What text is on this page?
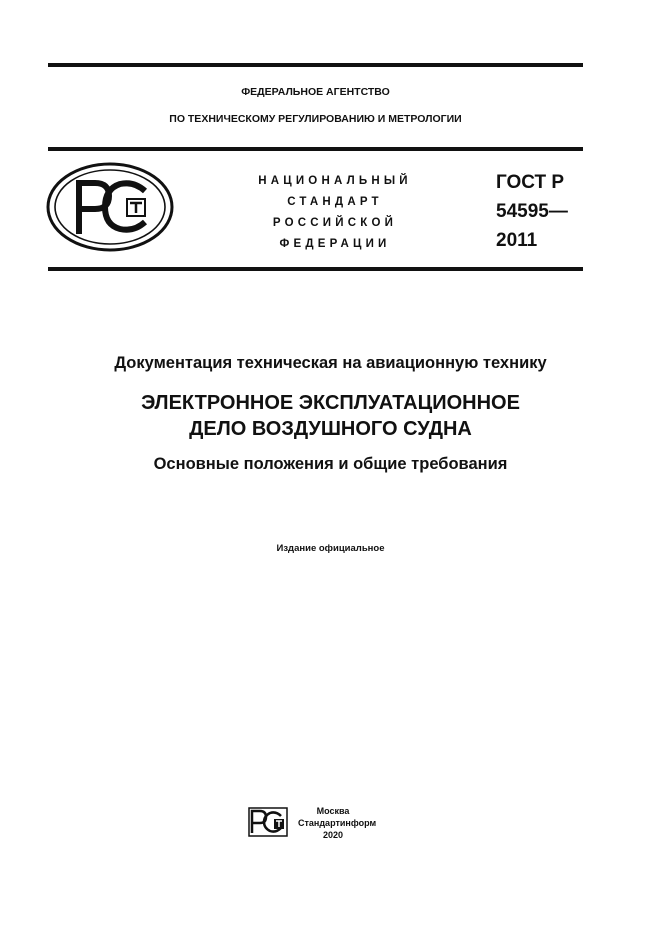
ФЕДЕРАЛЬНОЕ АГЕНТСТВО
ПО ТЕХНИЧЕСКОМУ РЕГУЛИРОВАНИЮ И МЕТРОЛОГИИ
НАЦИОНАЛЬНЫЙ
СТАНДАРТ
РОССИЙСКОЙ
ФЕДЕРАЦИИ
ГОСТ Р
54595—
2011
Документация техническая на авиационную технику
ЭЛЕКТРОННОЕ ЭКСПЛУАТАЦИОННОЕ
ДЕЛО ВОЗДУШНОГО СУДНА
Основные положения и общие требования
Издание официальное
Москва
Стандартинформ
2020
